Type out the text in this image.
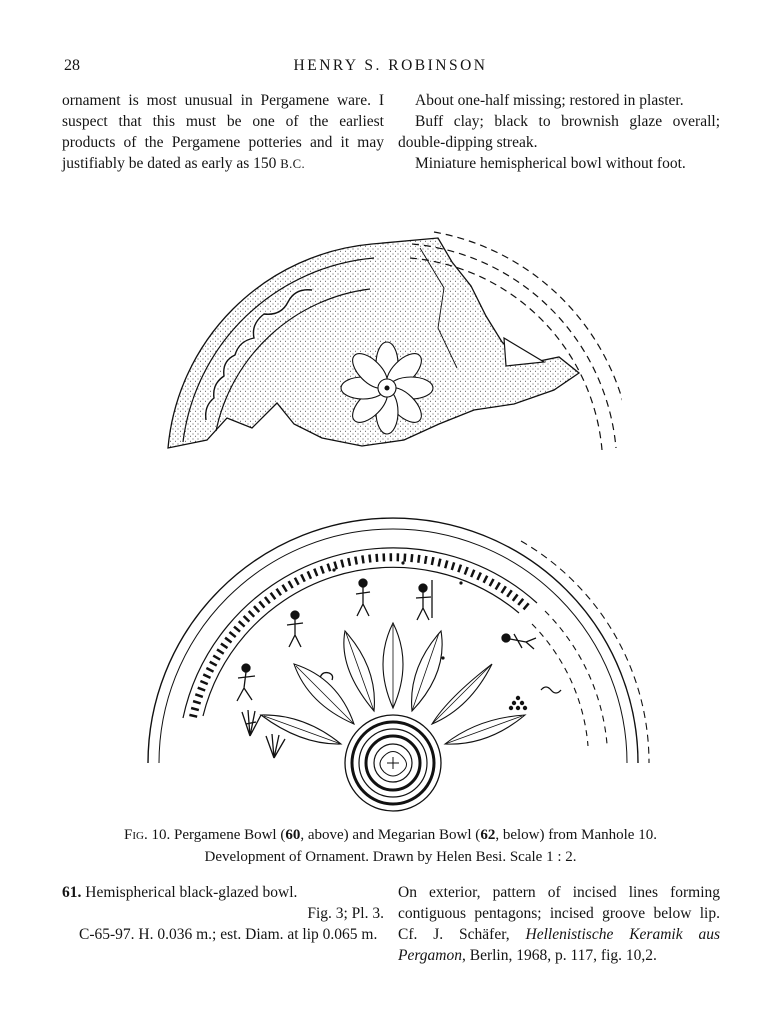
28	HENRY S. ROBINSON

ornament is most unusual in Pergamene ware. I suspect that this must be one of the earliest products of the Pergamene potteries and it may justifiably be dated as early as 150 B.C.

About one-half missing; restored in plaster.

Buff clay; black to brownish glaze overall; double-dipping streak.

Miniature hemispherical bowl without foot.

Fig. 10. Pergamene Bowl (60, above) and Megarian Bowl (62, below) from Manhole 10.
Development of Ornament. Drawn by Helen Besi. Scale 1 : 2.

61. Hemispherical black-glazed bowl.

Fig. 3; Pl. 3.

C-65-97. H. 0.036 m.; est. Diam. at lip 0.065 m.

On exterior, pattern of incised lines forming contiguous pentagons; incised groove below lip. Cf. J. Schäfer, Hellenistische Keramik aus Pergamon, Berlin, 1968, p. 117, fig. 10,2.
